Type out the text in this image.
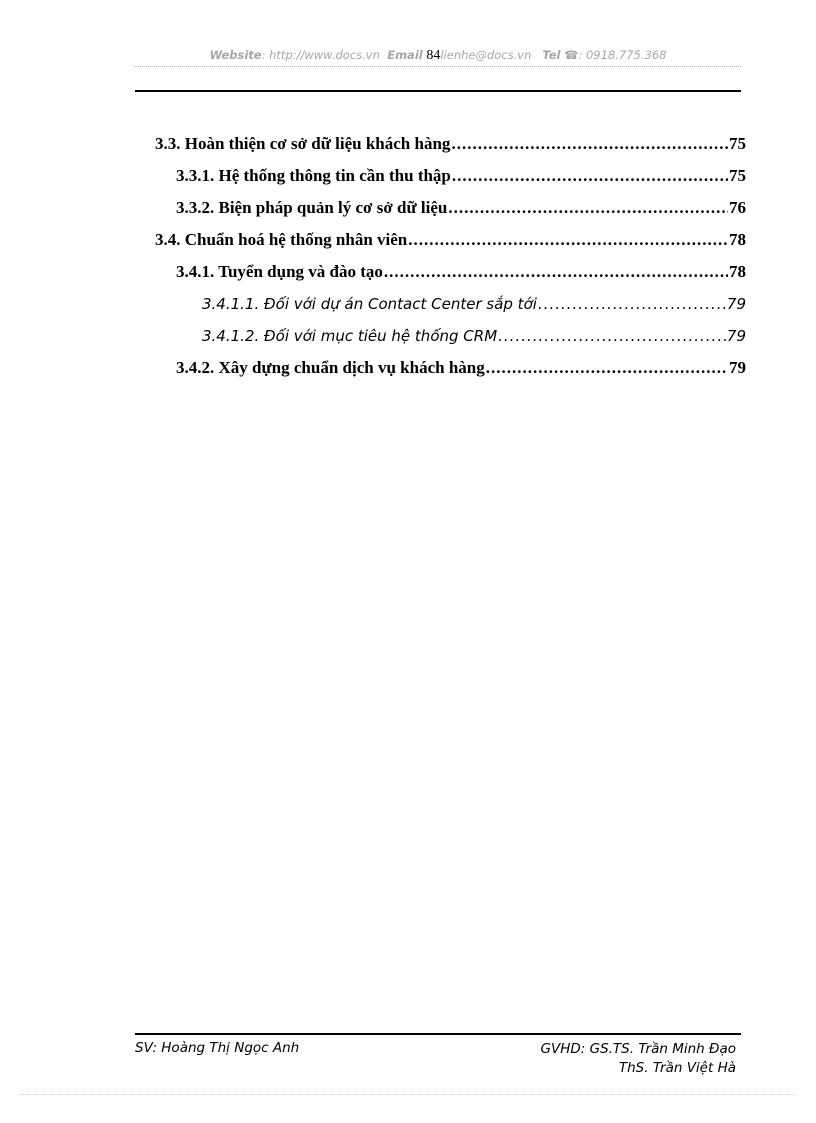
Website: http://www.docs.vn Email 84lienhe@docs.vn Tel ☎: 0918.775.368
3.3. Hoàn thiện cơ sở dữ liệu khách hàng .....	75
3.3.1. Hệ thống thông tin cần thu thập .....	75
3.3.2. Biện pháp quản lý cơ sở dữ liệu .....	76
3.4. Chuẩn hoá hệ thống nhân viên .....	78
3.4.1. Tuyển dụng và đào tạo .....	78
3.4.1.1. Đối với dự án Contact Center sắp tới .....	79
3.4.1.2. Đối với mục tiêu hệ thống CRM .....	79
3.4.2. Xây dựng chuẩn dịch vụ khách hàng .....	79
SV: Hoàng Thị Ngọc Anh	GVHD: GS.TS. Trần Minh Đạo
ThS. Trần Việt Hà
